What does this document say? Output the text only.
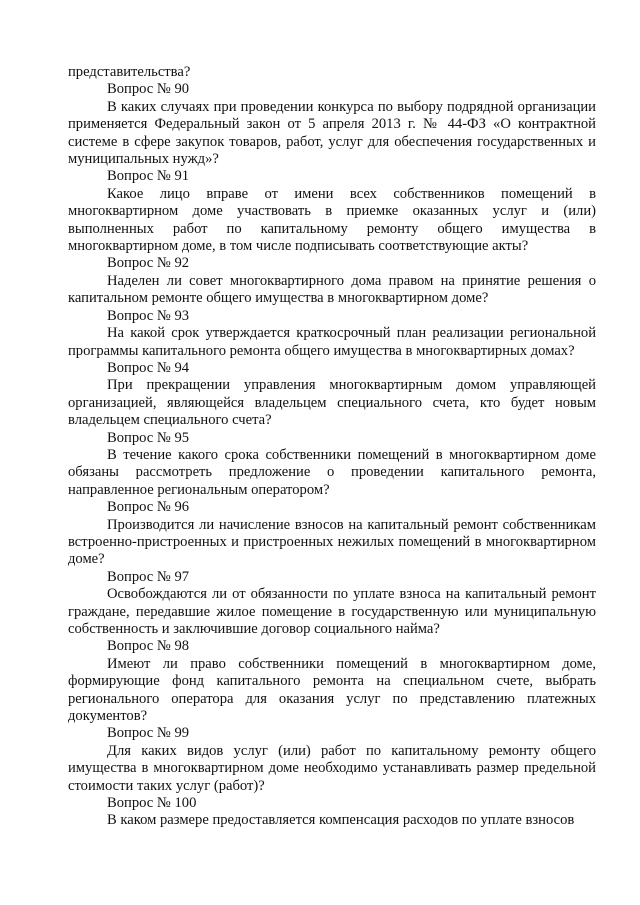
представительства?

Вопрос № 90

В каких случаях при проведении конкурса по выбору подрядной организации применяется Федеральный закон от 5 апреля 2013 г. № 44-ФЗ «О контрактной системе в сфере закупок товаров, работ, услуг для обеспечения государственных и муниципальных нужд»?

Вопрос № 91

Какое лицо вправе от имени всех собственников помещений в многоквартирном доме участвовать в приемке оказанных услуг и (или) выполненных работ по капитальному ремонту общего имущества в многоквартирном доме, в том числе подписывать соответствующие акты?

Вопрос № 92

Наделен ли совет многоквартирного дома правом на принятие решения о капитальном ремонте общего имущества в многоквартирном доме?

Вопрос № 93

На какой срок утверждается краткосрочный план реализации региональной программы капитального ремонта общего имущества в многоквартирных домах?

Вопрос № 94

При прекращении управления многоквартирным домом управляющей организацией, являющейся владельцем специального счета, кто будет новым владельцем специального счета?

Вопрос № 95

В течение какого срока собственники помещений в многоквартирном доме обязаны рассмотреть предложение о проведении капитального ремонта, направленное региональным оператором?

Вопрос № 96

Производится ли начисление взносов на капитальный ремонт собственникам встроенно-пристроенных и пристроенных нежилых помещений в многоквартирном доме?

Вопрос № 97

Освобождаются ли от обязанности по уплате взноса на капитальный ремонт граждане, передавшие жилое помещение в государственную или муниципальную собственность и заключившие договор социального найма?

Вопрос № 98

Имеют ли право собственники помещений в многоквартирном доме, формирующие фонд капитального ремонта на специальном счете, выбрать регионального оператора для оказания услуг по представлению платежных документов?

Вопрос № 99

Для каких видов услуг (или) работ по капитальному ремонту общего имущества в многоквартирном доме необходимо устанавливать размер предельной стоимости таких услуг (работ)?

Вопрос № 100

В каком размере предоставляется компенсация расходов по уплате взносов
